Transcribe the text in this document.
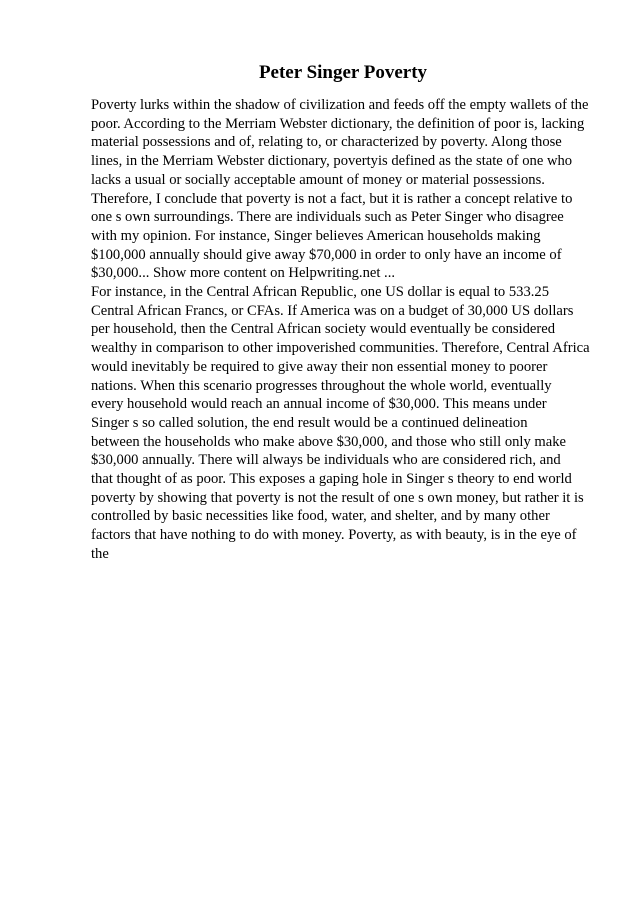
Peter Singer Poverty
Poverty lurks within the shadow of civilization and feeds off the empty wallets of the
poor. According to the Merriam Webster dictionary, the definition of poor is, lacking
material possessions and of, relating to, or characterized by poverty. Along those
lines, in the Merriam Webster dictionary, povertyis defined as the state of one who
lacks a usual or socially acceptable amount of money or material possessions.
Therefore, I conclude that poverty is not a fact, but it is rather a concept relative to
one s own surroundings. There are individuals such as Peter Singer who disagree
with my opinion. For instance, Singer believes American households making
$100,000 annually should give away $70,000 in order to only have an income of
$30,000... Show more content on Helpwriting.net ...
For instance, in the Central African Republic, one US dollar is equal to 533.25
Central African Francs, or CFAs. If America was on a budget of 30,000 US dollars
per household, then the Central African society would eventually be considered
wealthy in comparison to other impoverished communities. Therefore, Central Africa
would inevitably be required to give away their non essential money to poorer
nations. When this scenario progresses throughout the whole world, eventually
every household would reach an annual income of $30,000. This means under
Singer s so called solution, the end result would be a continued delineation
between the households who make above $30,000, and those who still only make
$30,000 annually. There will always be individuals who are considered rich, and
that thought of as poor. This exposes a gaping hole in Singer s theory to end world
poverty by showing that poverty is not the result of one s own money, but rather it is
controlled by basic necessities like food, water, and shelter, and by many other
factors that have nothing to do with money. Poverty, as with beauty, is in the eye of
the
